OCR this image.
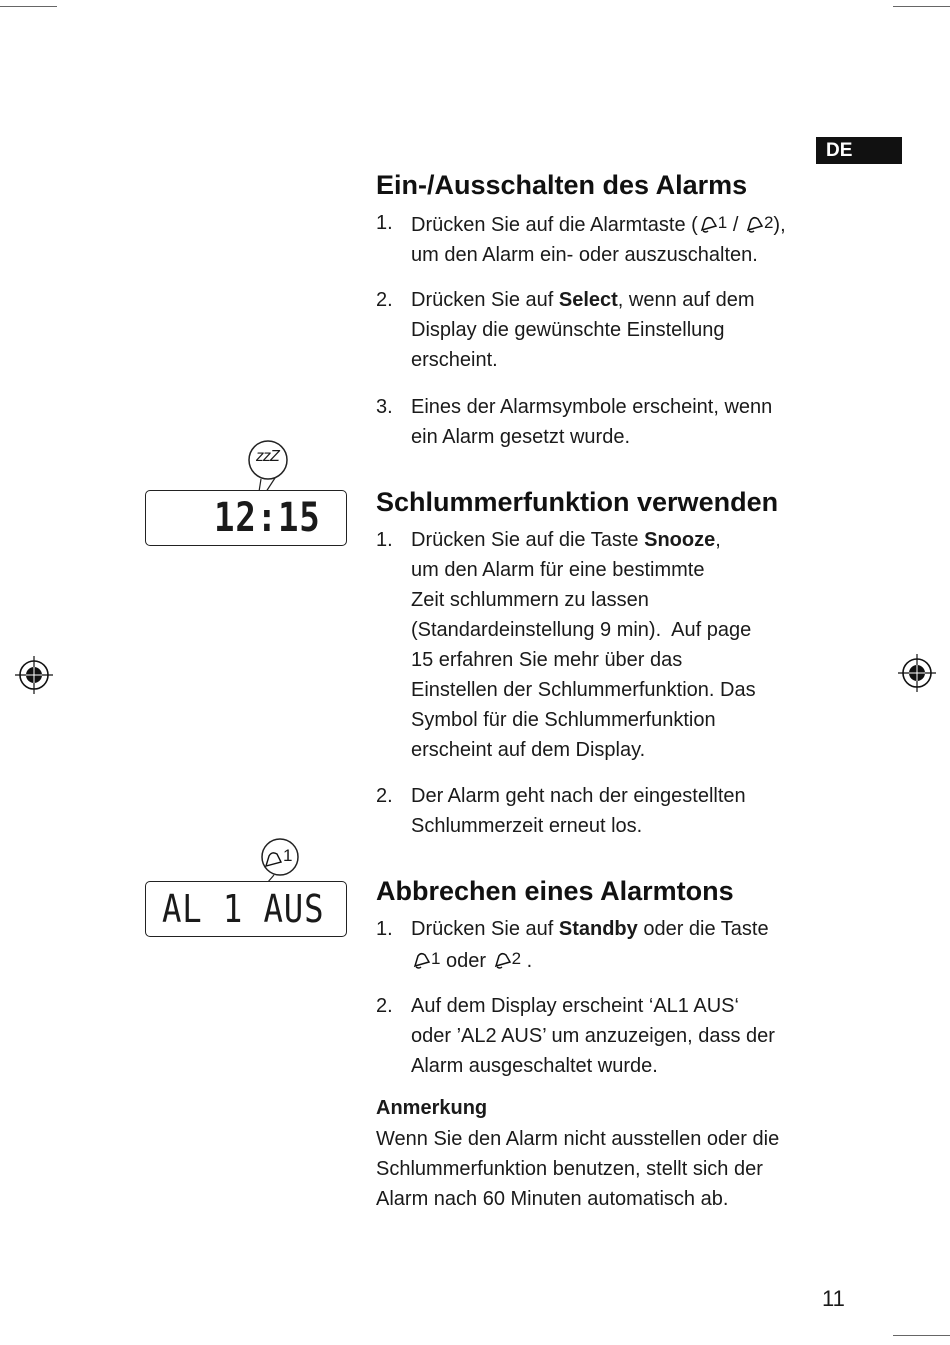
DE
Ein-/Ausschalten des Alarms
1. Drücken Sie auf die Alarmtaste ( 1 / 2),
um den Alarm ein- oder auszuschalten.
2. Drücken Sie auf Select, wenn auf dem
Display die gewünschte Einstellung
erscheint.
3. Eines der Alarmsymbole erscheint, wenn
ein Alarm gesetzt wurde.
Schlummerfunktion verwenden
1. Drücken Sie auf die Taste Snooze,
um den Alarm für eine bestimmte
Zeit schlummern zu lassen
(Standardeinstellung 9 min).  Auf page
15 erfahren Sie mehr über das
Einstellen der Schlummerfunktion. Das
Symbol für die Schlummerfunktion
erscheint auf dem Display.
2. Der Alarm geht nach der eingestellten
Schlummerzeit erneut los.
Abbrechen eines Alarmtons
1. Drücken Sie auf Standby oder die Taste
1 oder 2 .
2. Auf dem Display erscheint ‘AL1 AUS‘
oder ’AL2 AUS’ um anzuzeigen, dass der
Alarm ausgeschaltet wurde.
Anmerkung
Wenn Sie den Alarm nicht ausstellen oder die
Schlummerfunktion benutzen, stellt sich der
Alarm nach 60 Minuten automatisch ab.
zzZ
12:15
1
AL 1 AUS
11
